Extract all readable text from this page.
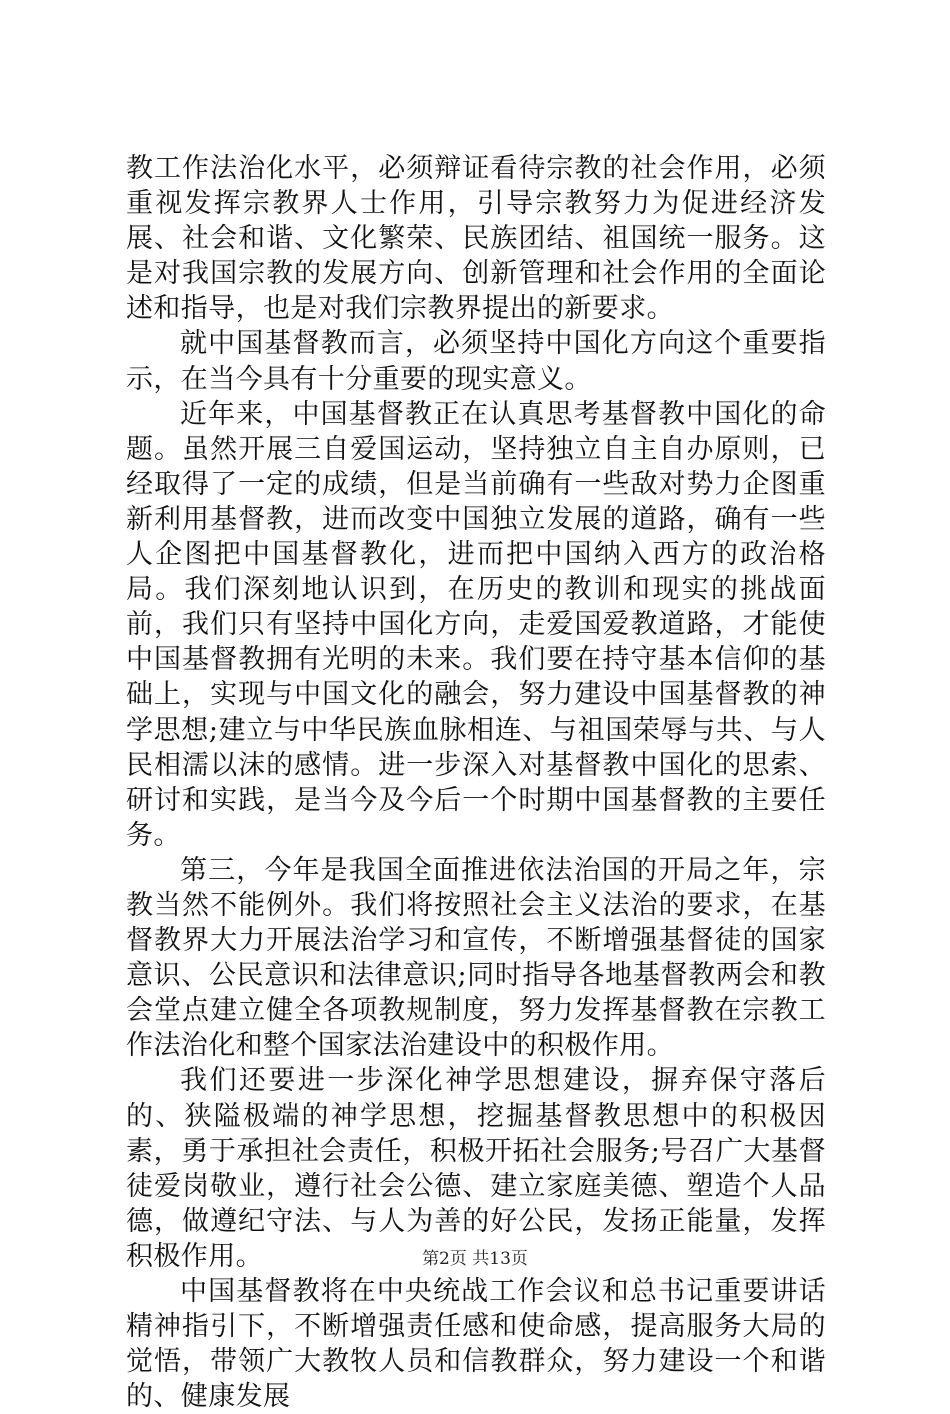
教工作法治化水平，必须辩证看待宗教的社会作用，必须重视发挥宗教界人士作用，引导宗教努力为促进经济发展、社会和谐、文化繁荣、民族团结、祖国统一服务。这是对我国宗教的发展方向、创新管理和社会作用的全面论述和指导，也是对我们宗教界提出的新要求。

就中国基督教而言，必须坚持中国化方向这个重要指示，在当今具有十分重要的现实意义。

近年来，中国基督教正在认真思考基督教中国化的命题。虽然开展三自爱国运动，坚持独立自主自办原则，已经取得了一定的成绩，但是当前确有一些敌对势力企图重新利用基督教，进而改变中国独立发展的道路，确有一些人企图把中国基督教化，进而把中国纳入西方的政治格局。我们深刻地认识到，在历史的教训和现实的挑战面前，我们只有坚持中国化方向，走爱国爱教道路，才能使中国基督教拥有光明的未来。我们要在持守基本信仰的基础上，实现与中国文化的融会，努力建设中国基督教的神学思想;建立与中华民族血脉相连、与祖国荣辱与共、与人民相濡以沫的感情。进一步深入对基督教中国化的思索、研讨和实践，是当今及今后一个时期中国基督教的主要任务。

第三，今年是我国全面推进依法治国的开局之年，宗教当然不能例外。我们将按照社会主义法治的要求，在基督教界大力开展法治学习和宣传，不断增强基督徒的国家意识、公民意识和法律意识;同时指导各地基督教两会和教会堂点建立健全各项教规制度，努力发挥基督教在宗教工作法治化和整个国家法治建设中的积极作用。

我们还要进一步深化神学思想建设，摒弃保守落后的、狭隘极端的神学思想，挖掘基督教思想中的积极因素，勇于承担社会责任，积极开拓社会服务;号召广大基督徒爱岗敬业，遵行社会公德、建立家庭美德、塑造个人品德，做遵纪守法、与人为善的好公民，发扬正能量，发挥积极作用。

中国基督教将在中央统战工作会议和总书记重要讲话精神指引下，不断增强责任感和使命感，提高服务大局的觉悟，带领广大教牧人员和信教群众，努力建设一个和谐的、健康发展

第2页 共13页
